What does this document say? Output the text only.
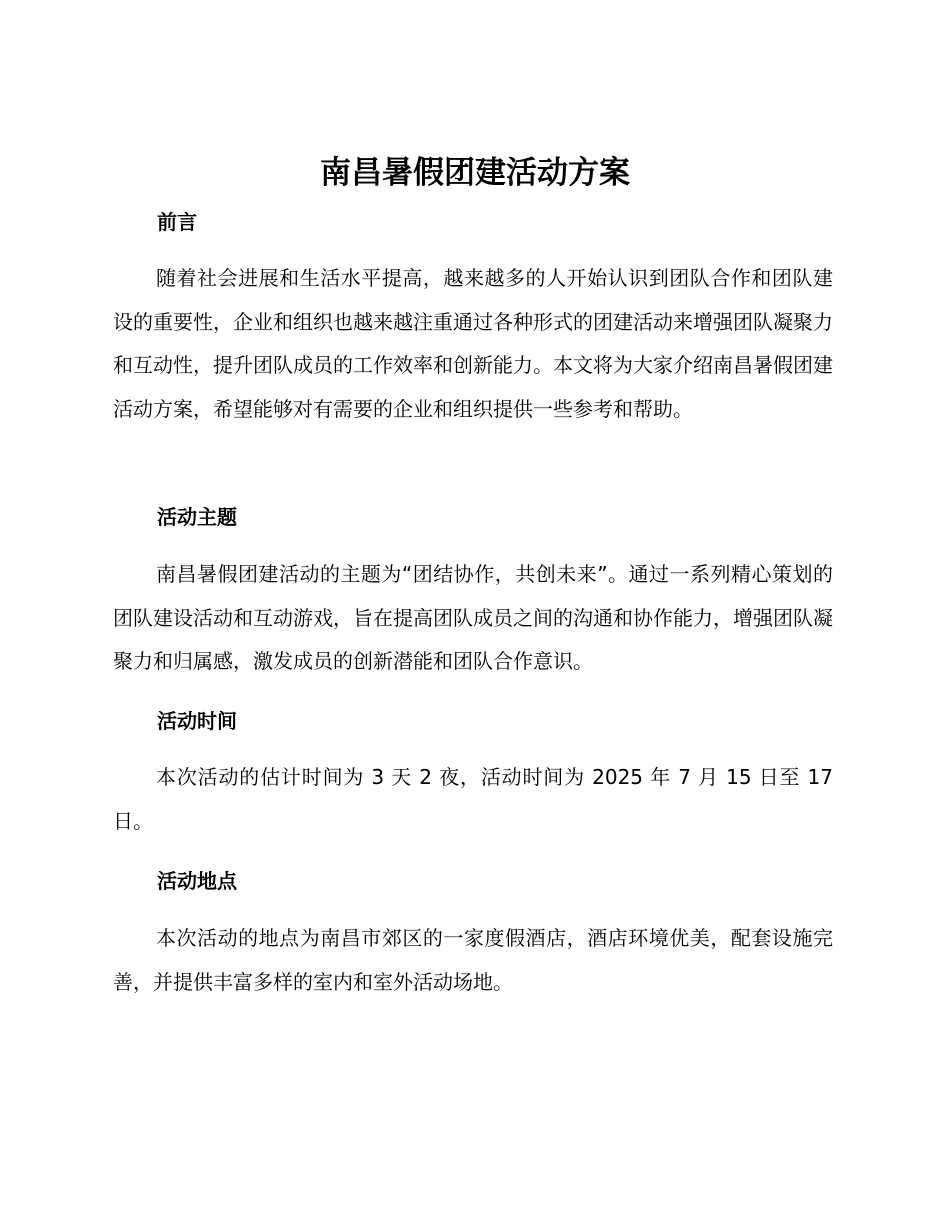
南昌暑假团建活动方案
前言
随着社会进展和生活水平提高，越来越多的人开始认识到团队合作和团队建设的重要性，企业和组织也越来越注重通过各种形式的团建活动来增强团队凝聚力和互动性，提升团队成员的工作效率和创新能力。本文将为大家介绍南昌暑假团建活动方案，希望能够对有需要的企业和组织提供一些参考和帮助。
活动主题
南昌暑假团建活动的主题为“团结协作，共创未来”。通过一系列精心策划的团队建设活动和互动游戏，旨在提高团队成员之间的沟通和协作能力，增强团队凝聚力和归属感，激发成员的创新潜能和团队合作意识。
活动时间
本次活动的估计时间为 3 天 2 夜，活动时间为 2025 年 7 月 15 日至 17 日。
活动地点
本次活动的地点为南昌市郊区的一家度假酒店，酒店环境优美，配套设施完善，并提供丰富多样的室内和室外活动场地。
